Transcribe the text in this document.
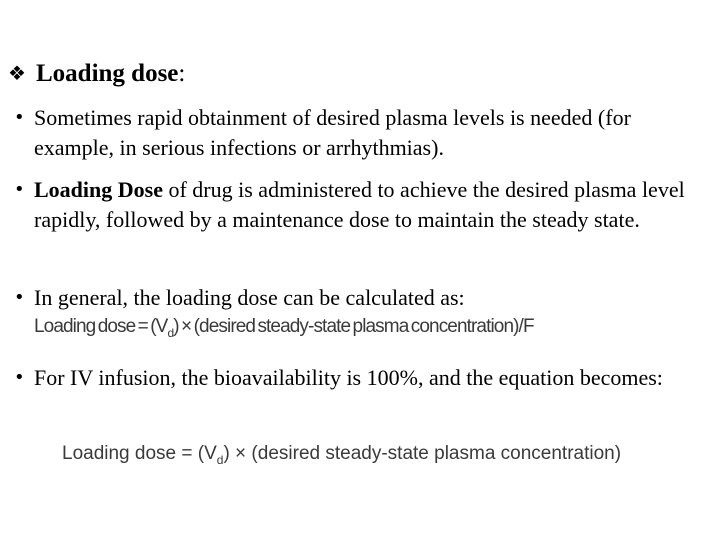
❖ Loading dose:
• Sometimes rapid obtainment of desired plasma levels is needed (for example, in serious infections or arrhythmias).
• Loading Dose of drug is administered to achieve the desired plasma level rapidly, followed by a maintenance dose to maintain the steady state.
• In general, the loading dose can be calculated as:
Loading dose = $(V_d)$ × (desired steady-state plasma concentration)/F
• For IV infusion, the bioavailability is 100%, and the equation becomes:
Loading dose = $(V_d)$ × (desired steady-state plasma concentration)
